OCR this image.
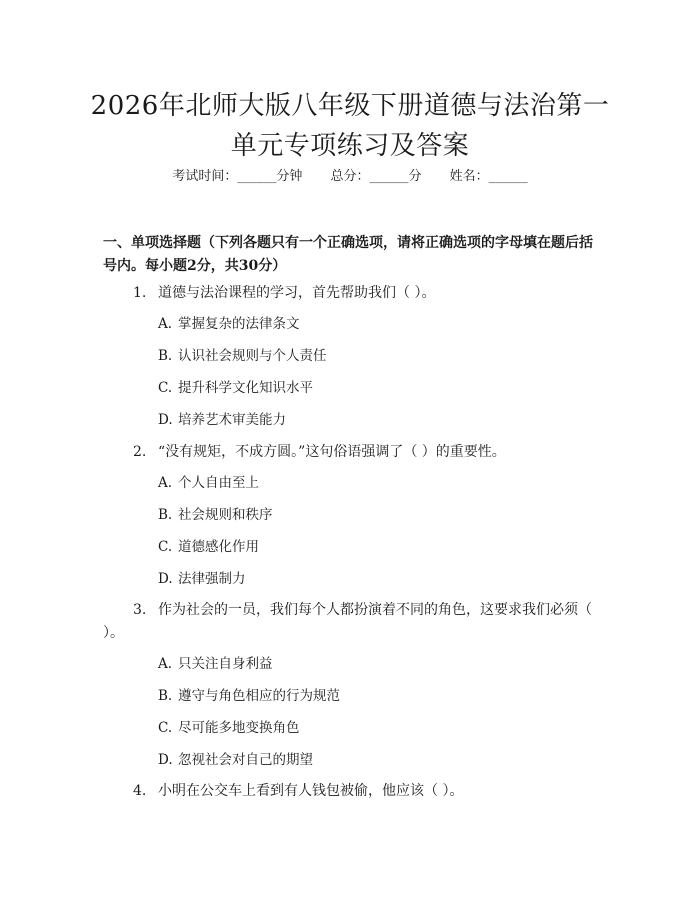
2026年北师大版八年级下册道德与法治第一
单元专项练习及答案
考试时间：______分钟 总分：______分 姓名：______

一、单项选择题（下列各题只有一个正确选项，请将正确选项的字母填在题后括号内。每小题2分，共30分）

1. 道德与法治课程的学习，首先帮助我们（ ）。
A. 掌握复杂的法律条文
B. 认识社会规则与个人责任
C. 提升科学文化知识水平
D. 培养艺术审美能力
2. “没有规矩，不成方圆。”这句俗语强调了（ ）的重要性。
A. 个人自由至上
B. 社会规则和秩序
C. 道德感化作用
D. 法律强制力
3. 作为社会的一员，我们每个人都扮演着不同的角色，这要求我们必须（ ）。
A. 只关注自身利益
B. 遵守与角色相应的行为规范
C. 尽可能多地变换角色
D. 忽视社会对自己的期望
4. 小明在公交车上看到有人钱包被偷，他应该（ ）。
